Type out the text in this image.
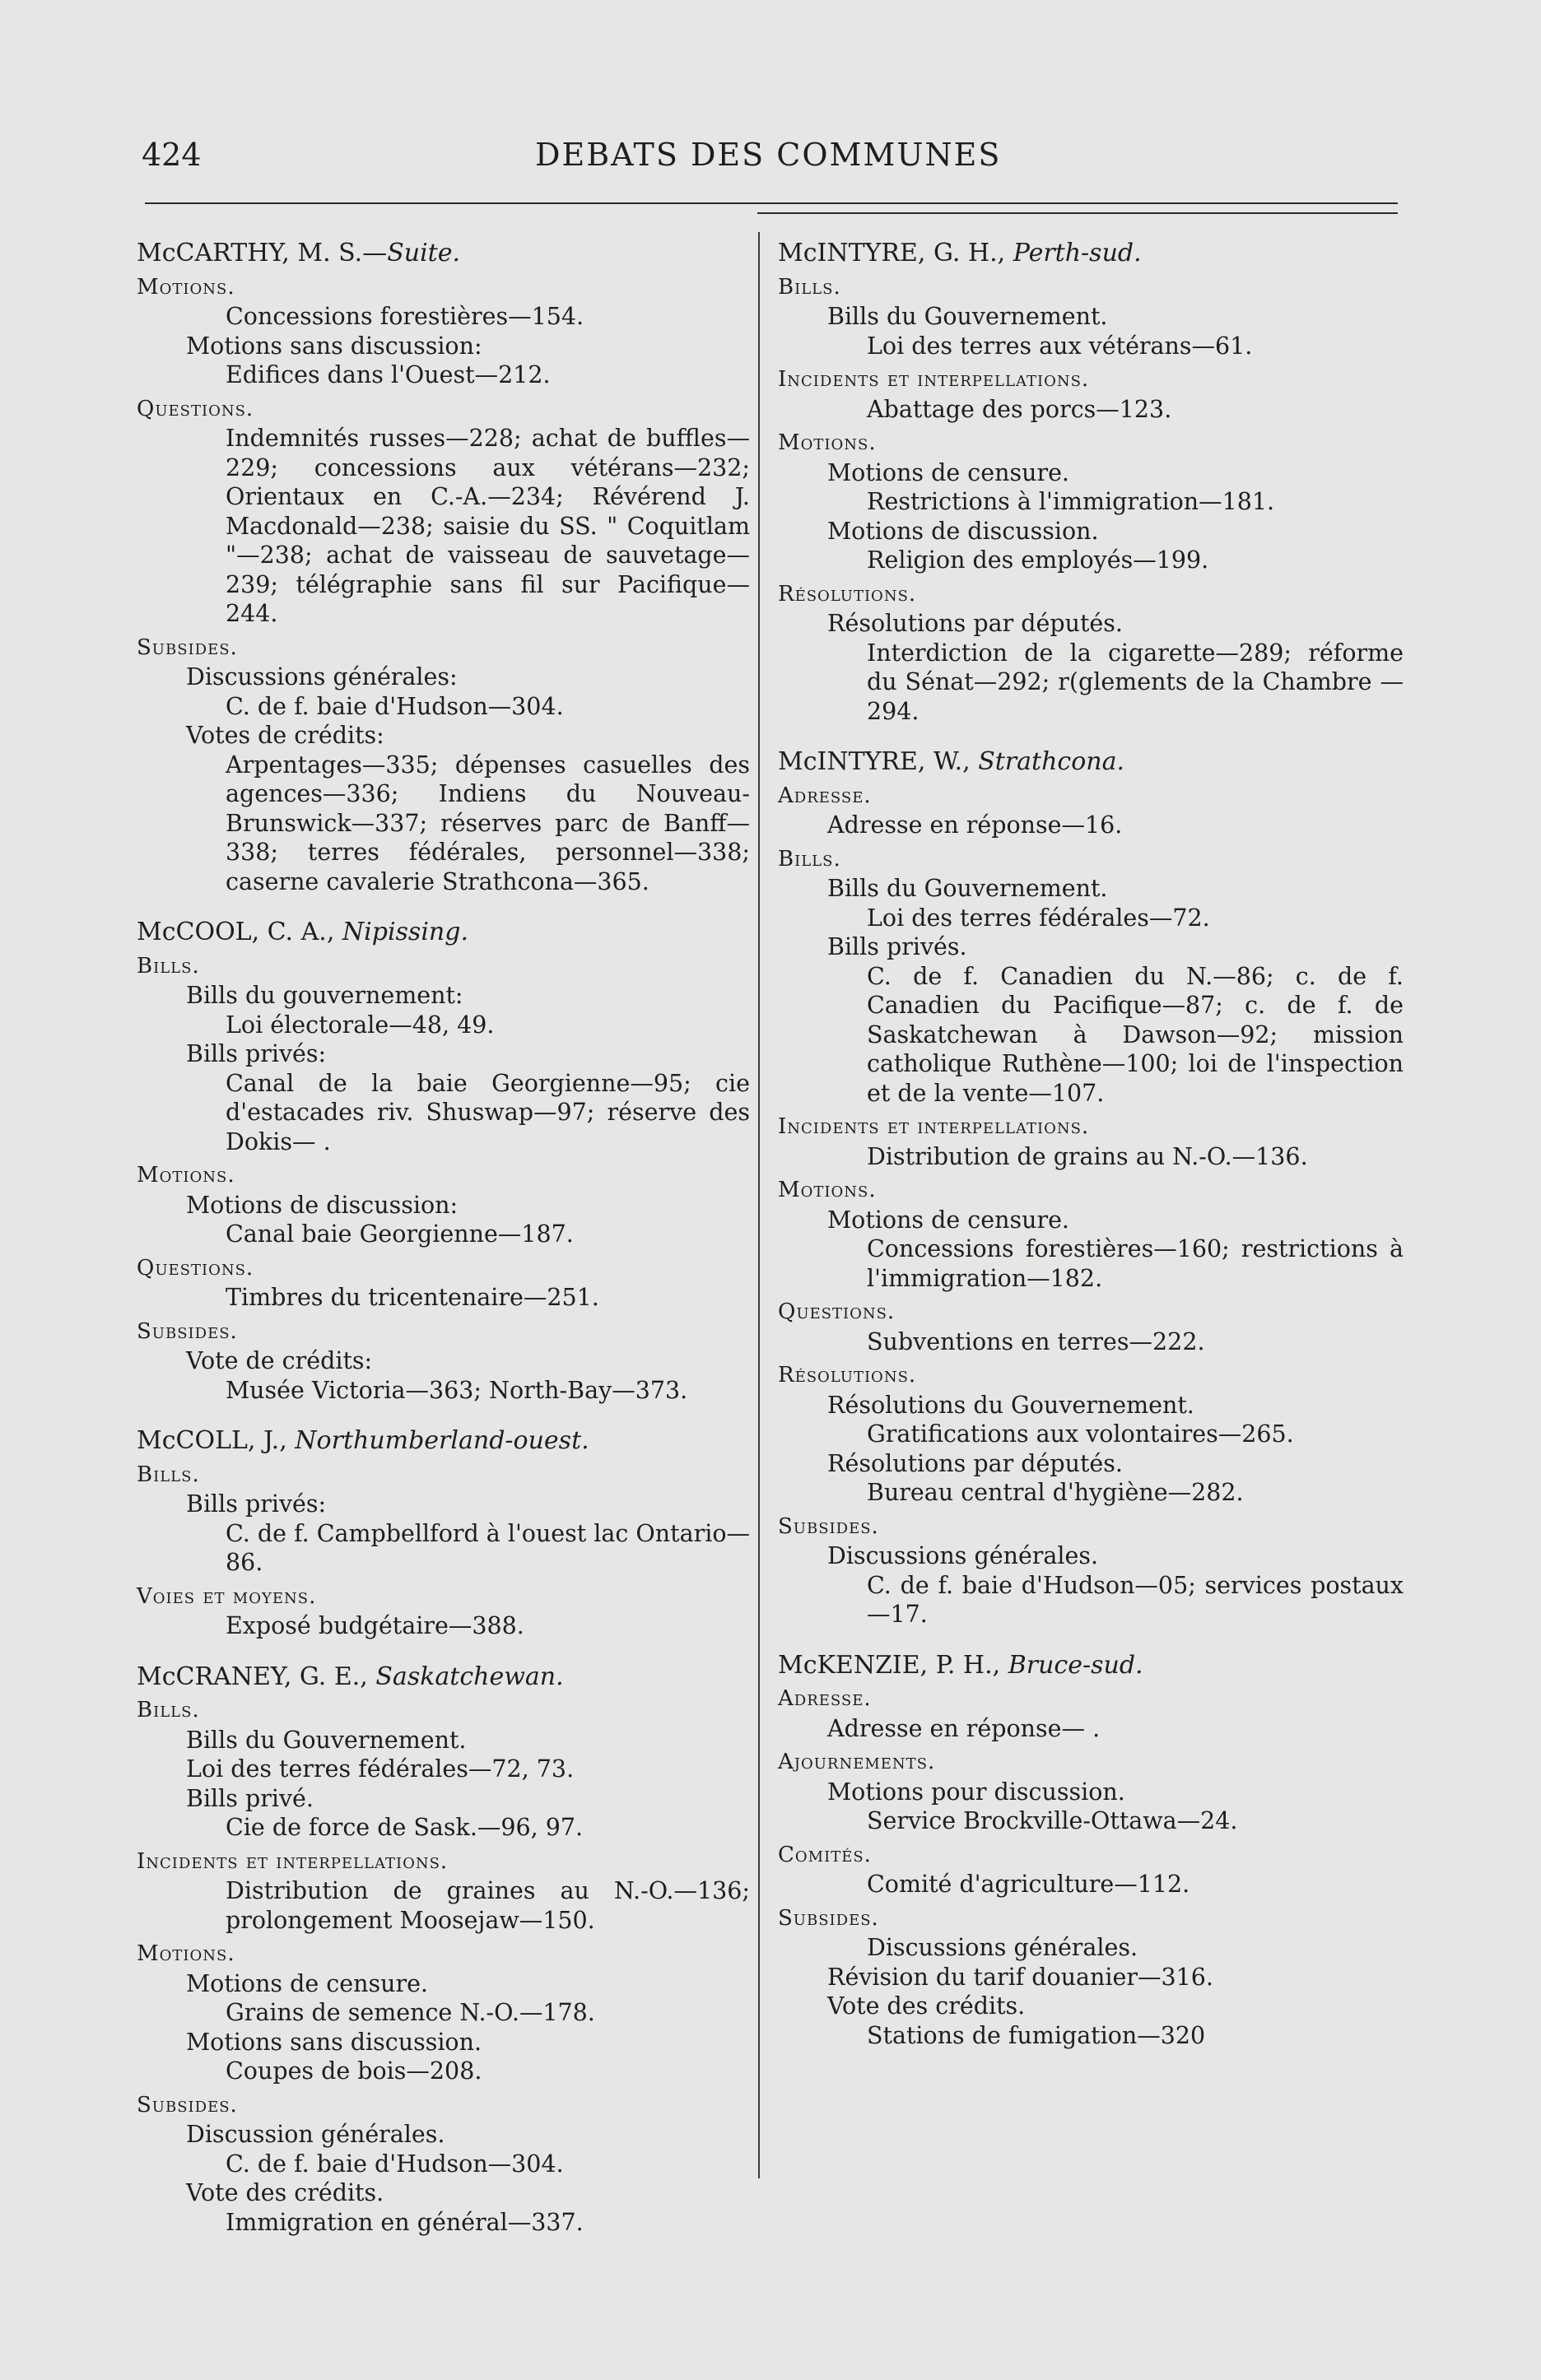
424	DEBATS DES COMMUNES
McCARTHY, M. S.—Suite.
Motions.
Concessions forestières—154.
Motions sans discussion:
Edifices dans l'Ouest—212.
Questions.
Indemnités russes—228; achat de buffles—229; concessions aux vétérans—232; Orientaux en C.-A.—234; Révérend J. Macdonald—238; saisie du SS. " Coquitlam "—238; achat de vaisseau de sauvetage—239; télégraphie sans fil sur Pacifique—244.
Subsides.
Discussions générales:
C. de f. baie d'Hudson—304.
Votes de crédits:
Arpentages—335; dépenses casuelles des agences—336; Indiens du Nouveau-Brunswick—337; réserves parc de Banff—338; terres fédérales, personnel—338; caserne cavalerie Strathcona—365.
McCOOL, C. A., Nipissing.
Bills.
Bills du gouvernement:
Loi électorale—48, 49.
Bills privés:
Canal de la baie Georgienne—95; cie d'estacades riv. Shuswap—97; réserve des Dokis— .
Motions.
Motions de discussion:
Canal baie Georgienne—187.
Questions.
Timbres du tricentenaire—251.
Subsides.
Vote de crédits:
Musée Victoria—363; North-Bay—373.
McCOLL, J., Northumberland-ouest.
Bills.
Bills privés:
C. de f. Campbellford à l'ouest lac Ontario—86.
Voies et moyens.
Exposé budgétaire—388.
McCRANEY, G. E., Saskatchewan.
Bills.
Bills du Gouvernement.
Loi des terres fédérales—72, 73.
Bills privé.
Cie de force de Sask.—96, 97.
Incidents et interpellations.
Distribution de graines au N.-O.—136; prolongement Moosejaw—150.
Motions.
Motions de censure.
Grains de semence N.-O.—178.
Motions sans discussion.
Coupes de bois—208.
Subsides.
Discussion générales.
C. de f. baie d'Hudson—304.
Vote des crédits.
Immigration en général—337.
McINTYRE, G. H., Perth-sud.
Bills.
Bills du Gouvernement.
Loi des terres aux vétérans—61.
Incidents et interpellations.
Abattage des porcs—123.
Motions.
Motions de censure.
Restrictions à l'immigration—181.
Motions de discussion.
Religion des employés—199.
Résolutions.
Résolutions par députés.
Interdiction de la cigarette—289; réforme du Sénat—292; r(glements de la Chambre —294.
McINTYRE, W., Strathcona.
Adresse.
Adresse en réponse—16.
Bills.
Bills du Gouvernement.
Loi des terres fédérales—72.
Bills privés.
C. de f. Canadien du N.—86; c. de f. Canadien du Pacifique—87; c. de f. de Saskatchewan à Dawson—92; mission catholique Ruthène—100; loi de l'inspection et de la vente—107.
Incidents et interpellations.
Distribution de grains au N.-O.—136.
Motions.
Motions de censure.
Concessions forestières—160; restrictions à l'immigration—182.
Questions.
Subventions en terres—222.
Résolutions.
Résolutions du Gouvernement.
Gratifications aux volontaires—265.
Résolutions par députés.
Bureau central d'hygiène—282.
Subsides.
Discussions générales.
C. de f. baie d'Hudson—05; services postaux—17.
McKENZIE, P. H., Bruce-sud.
Adresse.
Adresse en réponse— .
Ajournements.
Motions pour discussion.
Service Brockville-Ottawa—24.
Comités.
Comité d'agriculture—112.
Subsides.
Discussions générales.
Révision du tarif douanier—316.
Vote des crédits.
Stations de fumigation—320
